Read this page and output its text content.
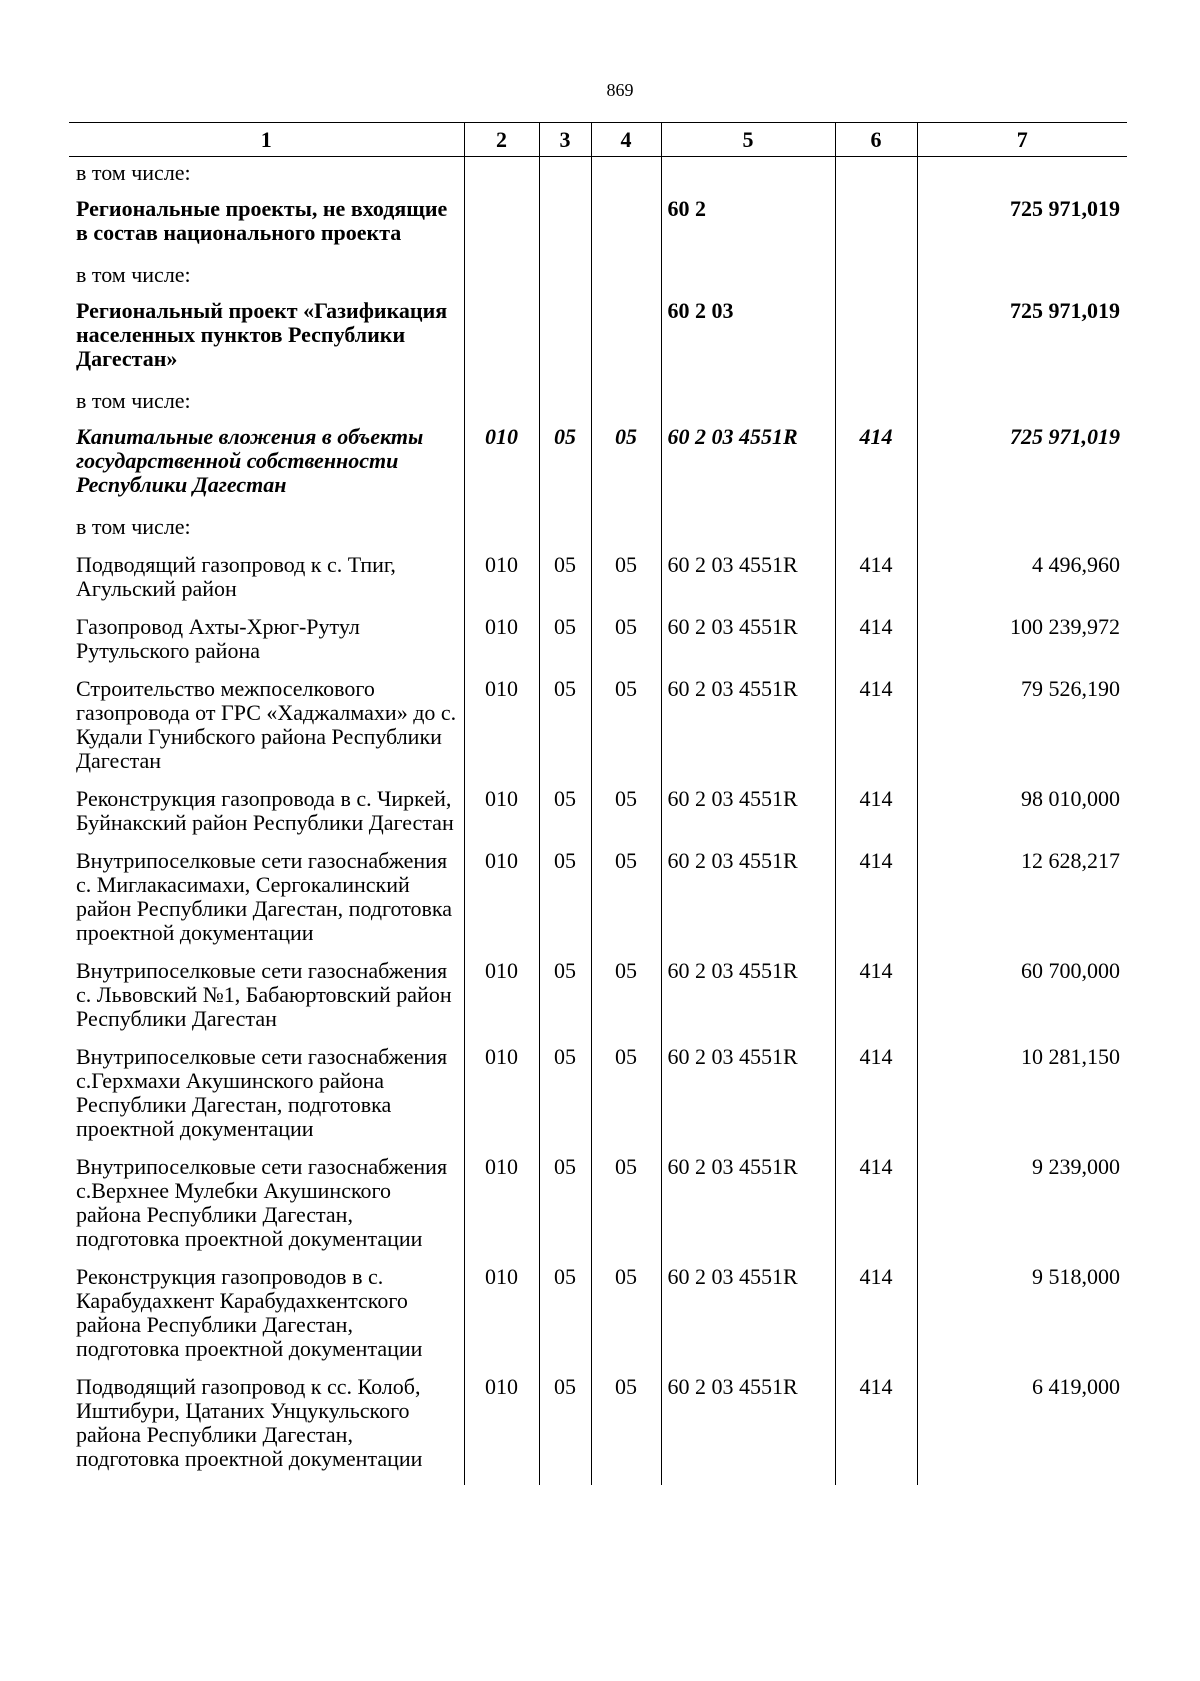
869
1	2	3	4	5	6	7
в том числе:						
Региональные проекты, не входящие в состав национального проекта				60 2		725 971,019
в том числе:						
Региональный проект «Газификация населенных пунктов Республики Дагестан»				60 2 03		725 971,019
в том числе:						
Капитальные вложения в объекты государственной собственности Республики Дагестан	010	05	05	60 2 03 4551R	414	725 971,019
в том числе:						
Подводящий газопровод к с. Тпиг, Агульский район	010	05	05	60 2 03 4551R	414	4 496,960
Газопровод Ахты-Хрюг-Рутул Рутульского района	010	05	05	60 2 03 4551R	414	100 239,972
Строительство межпоселкового газопровода от ГРС «Хаджалмахи» до с. Кудали Гунибского района Республики Дагестан	010	05	05	60 2 03 4551R	414	79 526,190
Реконструкция газопровода в с. Чиркей, Буйнакский район Республики Дагестан	010	05	05	60 2 03 4551R	414	98 010,000
Внутрипоселковые сети газоснабжения с. Миглакасимахи, Сергокалинский район Республики Дагестан, подготовка проектной документации	010	05	05	60 2 03 4551R	414	12 628,217
Внутрипоселковые сети газоснабжения с. Львовский №1, Бабаюртовский район Республики Дагестан	010	05	05	60 2 03 4551R	414	60 700,000
Внутрипоселковые сети газоснабжения с.Герхмахи Акушинского района Республики Дагестан, подготовка проектной документации	010	05	05	60 2 03 4551R	414	10 281,150
Внутрипоселковые сети газоснабжения с.Верхнее Мулебки Акушинского района Республики Дагестан, подготовка проектной документации	010	05	05	60 2 03 4551R	414	9 239,000
Реконструкция газопроводов в с. Карабудахкент Карабудахкентского района Республики Дагестан, подготовка проектной документации	010	05	05	60 2 03 4551R	414	9 518,000
Подводящий газопровод к сс. Колоб, Иштибури, Цатаних Унцукульского района Республики Дагестан, подготовка проектной документации	010	05	05	60 2 03 4551R	414	6 419,000
